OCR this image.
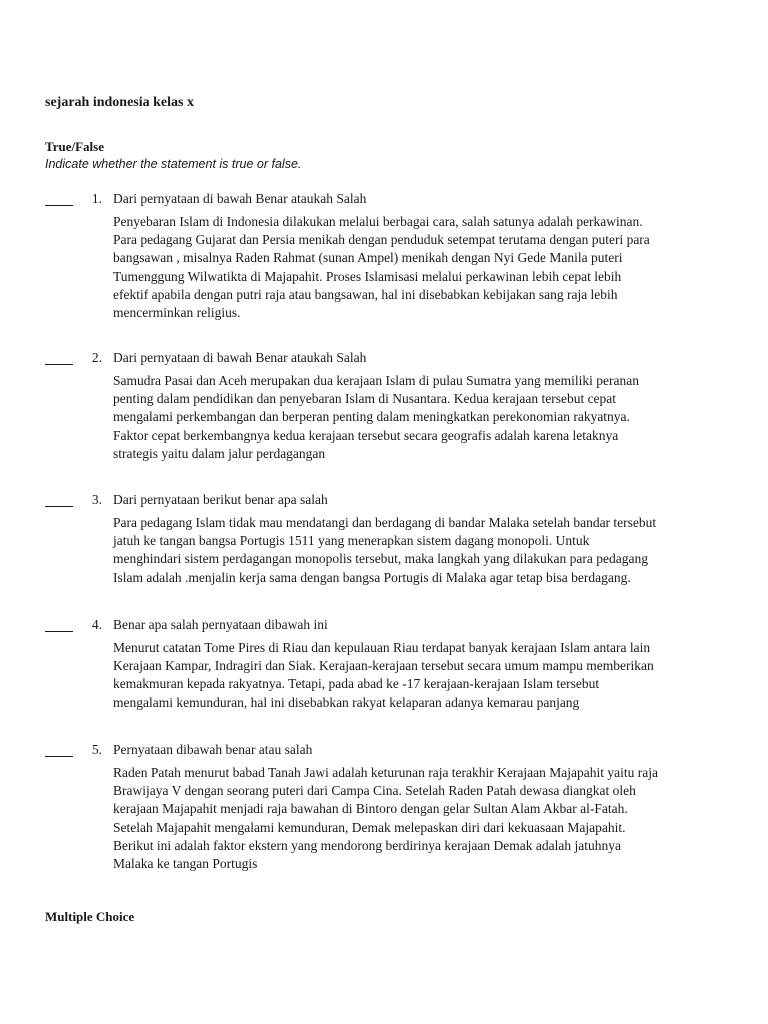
sejarah indonesia kelas x
True/False
Indicate whether the statement is true or false.
1. Dari pernyataan di bawah Benar ataukah Salah
Penyebaran Islam di Indonesia dilakukan melalui berbagai cara, salah satunya adalah perkawinan.
Para pedagang Gujarat dan Persia menikah dengan penduduk setempat terutama dengan puteri para
bangsawan , misalnya Raden Rahmat (sunan Ampel) menikah dengan Nyi Gede Manila puteri
Tumenggung Wilwatikta di Majapahit. Proses Islamisasi melalui perkawinan lebih cepat lebih
efektif apabila dengan putri raja atau bangsawan, hal ini disebabkan kebijakan sang raja lebih
mencerminkan religius.
2. Dari pernyataan di bawah Benar ataukah Salah
Samudra Pasai dan Aceh merupakan dua kerajaan Islam di pulau Sumatra yang memiliki peranan
penting dalam pendidikan dan penyebaran Islam di Nusantara. Kedua kerajaan tersebut cepat
mengalami perkembangan dan berperan penting dalam meningkatkan perekonomian rakyatnya.
Faktor cepat berkembangnya kedua kerajaan tersebut secara geografis adalah karena letaknya
strategis yaitu dalam jalur perdagangan
3. Dari pernyataan berikut benar apa salah
Para pedagang Islam tidak mau mendatangi dan berdagang di bandar Malaka setelah bandar tersebut
jatuh ke tangan bangsa Portugis 1511 yang menerapkan sistem dagang monopoli. Untuk
menghindari sistem perdagangan monopolis tersebut, maka langkah yang dilakukan para pedagang
Islam adalah .menjalin kerja sama dengan bangsa Portugis di Malaka agar tetap bisa berdagang.
4. Benar apa salah pernyataan dibawah ini
Menurut catatan Tome Pires di Riau dan kepulauan Riau terdapat banyak kerajaan Islam antara lain
Kerajaan Kampar, Indragiri dan Siak. Kerajaan-kerajaan tersebut secara umum mampu memberikan
kemakmuran kepada rakyatnya. Tetapi, pada abad ke -17 kerajaan-kerajaan Islam tersebut
mengalami kemunduran, hal ini disebabkan rakyat kelaparan adanya kemarau panjang
5. Pernyataan dibawah benar atau salah
Raden Patah menurut babad Tanah Jawi adalah keturunan raja terakhir Kerajaan Majapahit yaitu raja
Brawijaya V dengan seorang puteri dari Campa Cina. Setelah Raden Patah dewasa diangkat oleh
kerajaan Majapahit menjadi raja bawahan di Bintoro dengan gelar Sultan Alam Akbar al-Fatah.
Setelah Majapahit mengalami kemunduran, Demak melepaskan diri dari kekuasaan Majapahit.
Berikut ini adalah faktor ekstern yang mendorong berdirinya kerajaan Demak adalah jatuhnya
Malaka ke tangan Portugis
Multiple Choice
